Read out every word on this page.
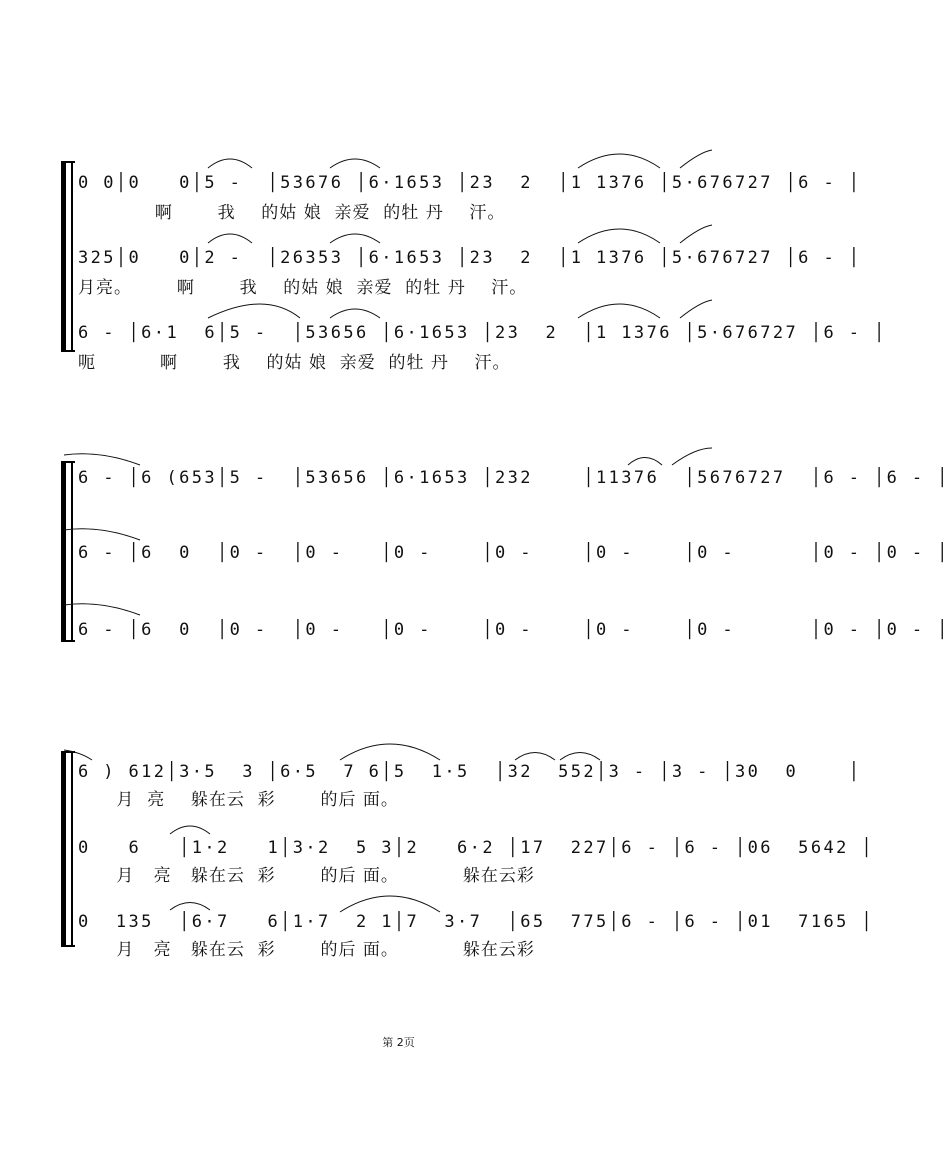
0 0│0   0│5 -  │53676 │6·1653 │23  2  │1 1376 │5·676727 │6 - │
啊       我    的姑 娘  亲爱  的牡 丹    汗。
325│0   0│2 -  │26353 │6·1653 │23  2  │1 1376 │5·676727 │6 - │
月亮。       啊       我    的姑 娘  亲爱  的牡 丹    汗。
6 - │6·1  6│5 -  │53656 │6·1653 │23  2  │1 1376 │5·676727 │6 - │
呃          啊       我    的姑 娘  亲爱  的牡 丹    汗。
6 - │6 (653│5 -  │53656 │6·1653 │232    │11376  │5676727  │6 - │6 - │
6 - │6  0  │0 -  │0 -   │0 -    │0 -    │0 -    │0 -      │0 - │0 - │
6 - │6  0  │0 -  │0 -   │0 -    │0 -    │0 -    │0 -      │0 - │0 - │
6 ) 612│3·5  3 │6·5  7 6│5  1·5  │32  552│3 - │3 - │30  0    │
月  亮    躲在云  彩       的后 面。
0   6   │1·2   1│3·2  5 3│2   6·2 │17  227│6 - │6 - │06  5642 │
月   亮   躲在云  彩       的后 面。          躲在云彩
0  135  │6·7   6│1·7  2 1│7  3·7  │65  775│6 - │6 - │01  7165 │
月   亮   躲在云  彩       的后 面。          躲在云彩
第 2页
